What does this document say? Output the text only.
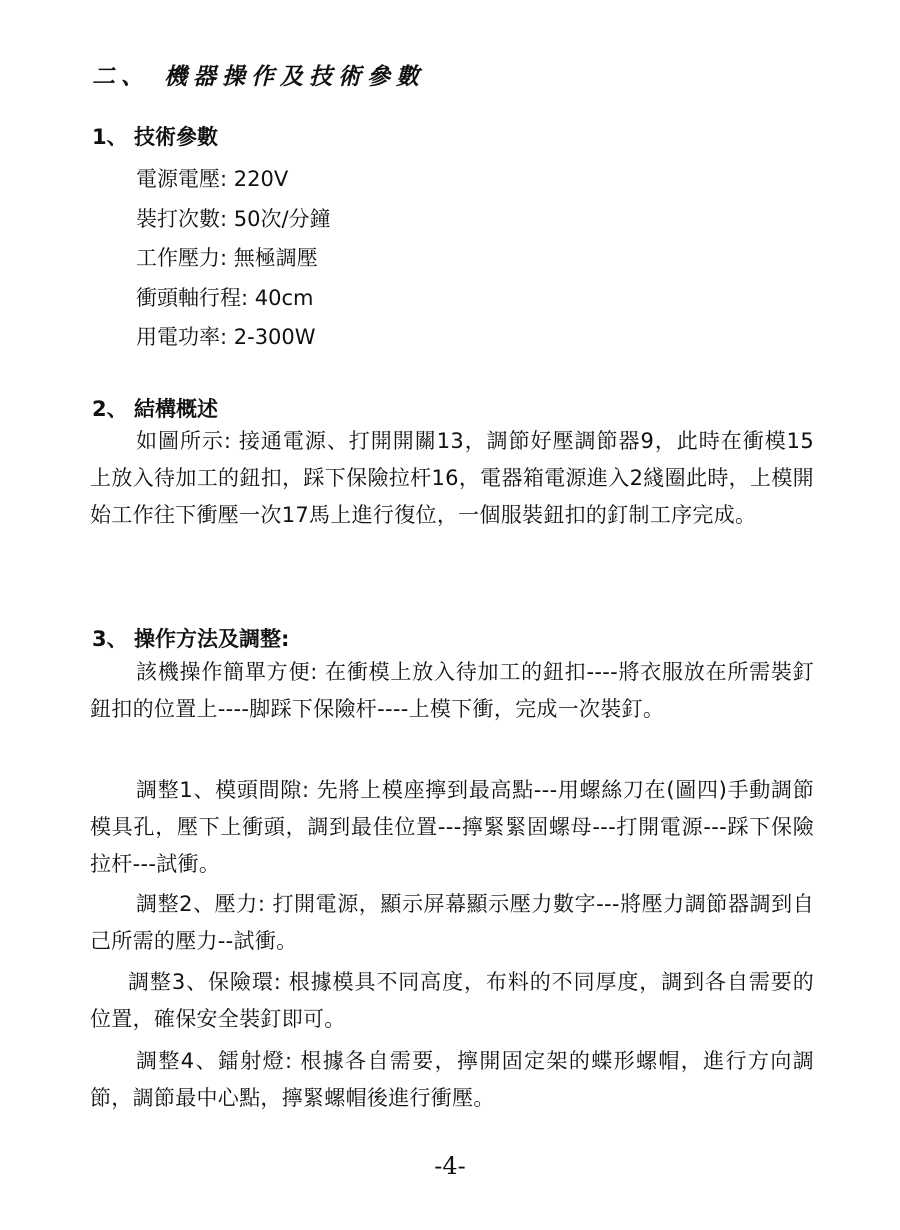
二、 機器操作及技術參數
1、 技術參數
電源電壓: 220V
裝打次數: 50次/分鐘
工作壓力: 無極調壓
衝頭軸行程: 40cm
用電功率: 2-300W
2、 結構概述

如圖所示: 接通電源、打開開關13，調節好壓調節器9，此時在衝模15上放入待加工的鈕扣，踩下保險拉杆16，電器箱電源進入2綫圈此時，上模開始工作往下衝壓一次17馬上進行復位，一個服裝鈕扣的釘制工序完成。

3、 操作方法及調整:

該機操作簡單方便: 在衝模上放入待加工的鈕扣----將衣服放在所需裝釘鈕扣的位置上----脚踩下保險杆----上模下衝，完成一次裝釘。

調整1、模頭間隙: 先將上模座擰到最高點---用螺絲刀在(圖四)手動調節模具孔，壓下上衝頭，調到最佳位置---擰緊緊固螺母---打開電源---踩下保險拉杆---試衝。

調整2、壓力: 打開電源，顯示屏幕顯示壓力數字---將壓力調節器調到自己所需的壓力--試衝。

調整3、保險環: 根據模具不同高度，布料的不同厚度，調到各自需要的位置，確保安全裝釘即可。

調整4、鐳射燈: 根據各自需要，擰開固定架的蝶形螺帽，進行方向調節，調節最中心點，擰緊螺帽後進行衝壓。

-4-
